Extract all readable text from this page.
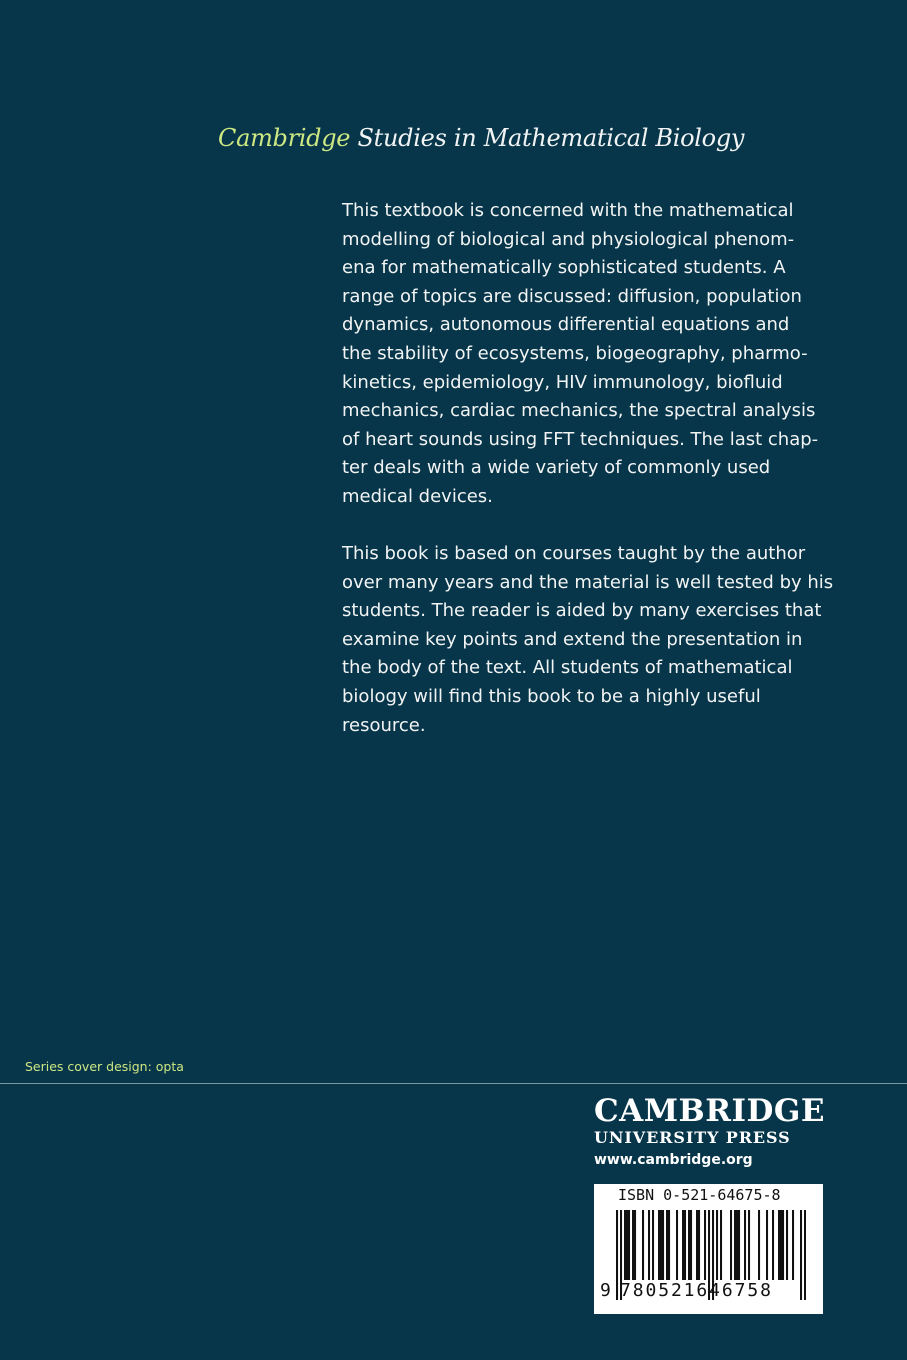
Cambridge Studies in Mathematical Biology
This textbook is concerned with the mathematical
modelling of biological and physiological phenom-
ena for mathematically sophisticated students. A
range of topics are discussed: diffusion, population
dynamics, autonomous differential equations and
the stability of ecosystems, biogeography, pharmo-
kinetics, epidemiology, HIV immunology, biofluid
mechanics, cardiac mechanics, the spectral analysis
of heart sounds using FFT techniques. The last chap-
ter deals with a wide variety of commonly used
medical devices.
This book is based on courses taught by the author
over many years and the material is well tested by his
students. The reader is aided by many exercises that
examine key points and extend the presentation in
the body of the text. All students of mathematical
biology will find this book to be a highly useful
resource.
Series cover design: opta
CAMBRIDGE
UNIVERSITY PRESS
www.cambridge.org
ISBN 0-521-64675-8
9 780521646758
